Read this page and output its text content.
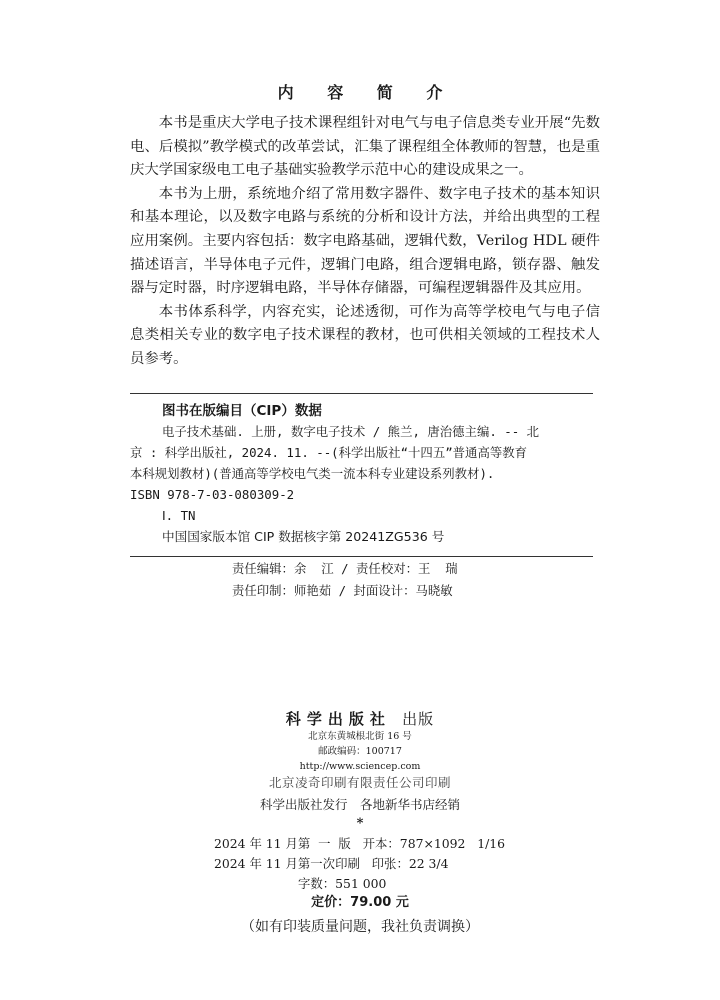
内 容 简 介

本书是重庆大学电子技术课程组针对电气与电子信息类专业开展“先数电、后模拟”教学模式的改革尝试，汇集了课程组全体教师的智慧，也是重庆大学国家级电工电子基础实验教学示范中心的建设成果之一。

本书为上册，系统地介绍了常用数字器件、数字电子技术的基本知识和基本理论，以及数字电路与系统的分析和设计方法，并给出典型的工程应用案例。主要内容包括：数字电路基础，逻辑代数，Verilog HDL 硬件描述语言，半导体电子元件，逻辑门电路，组合逻辑电路，锁存器、触发器与定时器，时序逻辑电路，半导体存储器，可编程逻辑器件及其应用。

本书体系科学，内容充实，论述透彻，可作为高等学校电气与电子信息类相关专业的数字电子技术课程的教材，也可供相关领域的工程技术人员参考。

图书在版编目（CIP）数据
电子技术基础. 上册, 数字电子技术 / 熊兰, 唐治德主编. -- 北
京 : 科学出版社, 2024. 11. --(科学出版社“十四五”普通高等教育
本科规划教材)(普通高等学校电气类一流本科专业建设系列教材).
ISBN 978-7-03-080309-2
Ⅰ. TN
中国国家版本馆 CIP 数据核字第 20241ZG536 号
责任编辑：余  江 / 责任校对：王  瑞
责任印制：师艳茹 / 封面设计：马晓敏
科学出版社 出版
北京东黄城根北街 16 号
邮政编码：100717
http://www.sciencep.com
北京凌奇印刷有限责任公司印刷
科学出版社发行　各地新华书店经销
*
2024 年 11 月第  一  版   开本：787×1092   1/16
2024 年 11 月第一次印刷   印张：22 3/4
字数：551 000
定价：79.00 元
（如有印装质量问题，我社负责调换）
